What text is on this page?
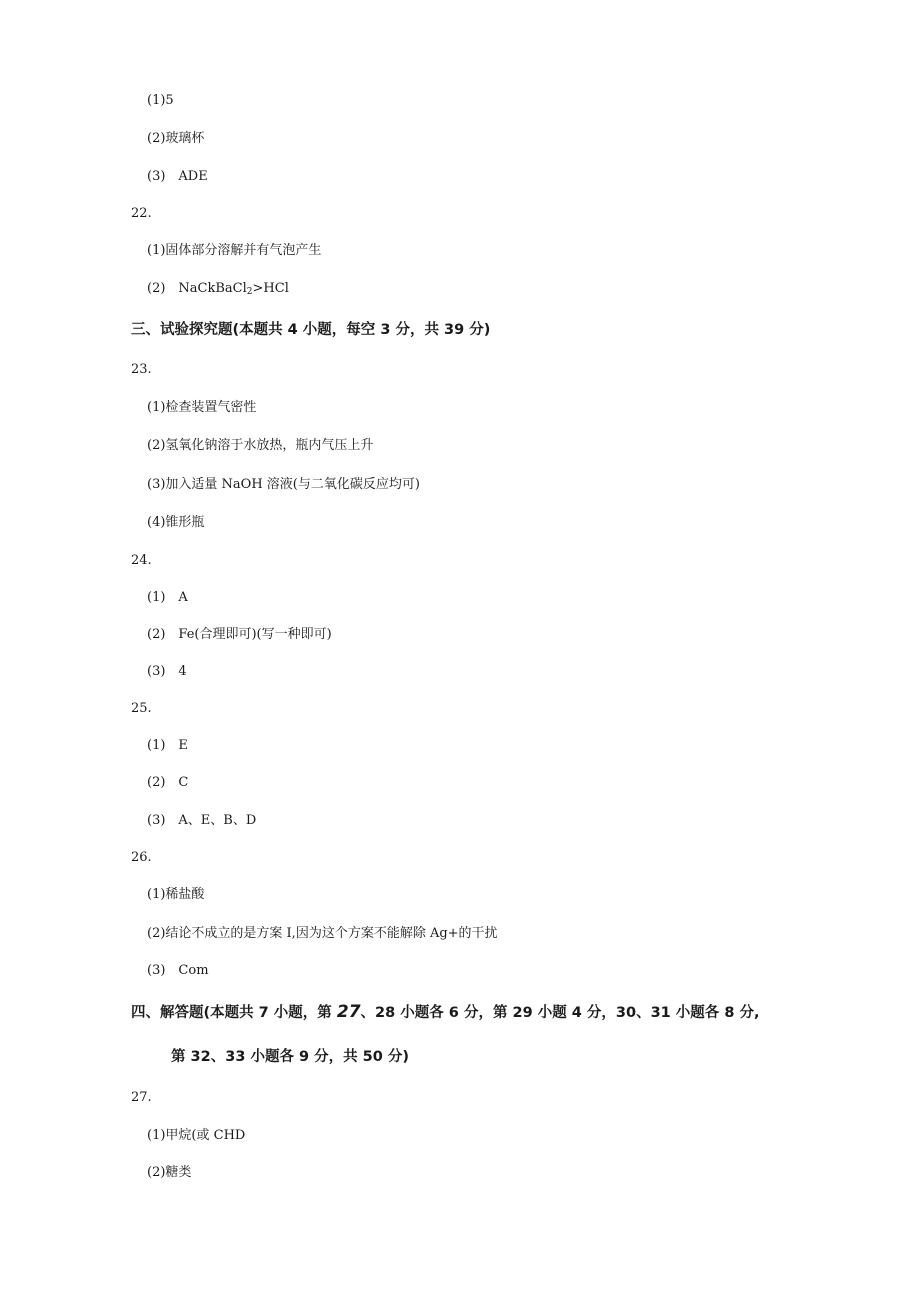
(1)5
(2)玻璃杯
(3)　ADE
22.
(1)固体部分溶解并有气泡产生
(2)　NaCkBaCl$_2$>HCl
三、试验探究题(本题共 4 小题，每空 3 分，共 39 分)
23.
(1)检查装置气密性
(2)氢氧化钠溶于水放热，瓶内气压上升
(3)加入适量 NaOH 溶液(与二氧化碳反应均可)
(4)锥形瓶
24.
(1)　A
(2)　Fe(合理即可)(写一种即可)
(3)　4
25.
(1)　E
(2)　C
(3)　A、E、B、D
26.
(1)稀盐酸
(2)结论不成立的是方案 I,因为这个方案不能解除 Ag+的干扰
(3)　Com
四、解答题(本题共 7 小题，第 27、28 小题各 6 分，第 29 小题 4 分，30、31 小题各 8 分,
第 32、33 小题各 9 分，共 50 分)
27.
(1)甲烷(或 CHD
(2)糖类
